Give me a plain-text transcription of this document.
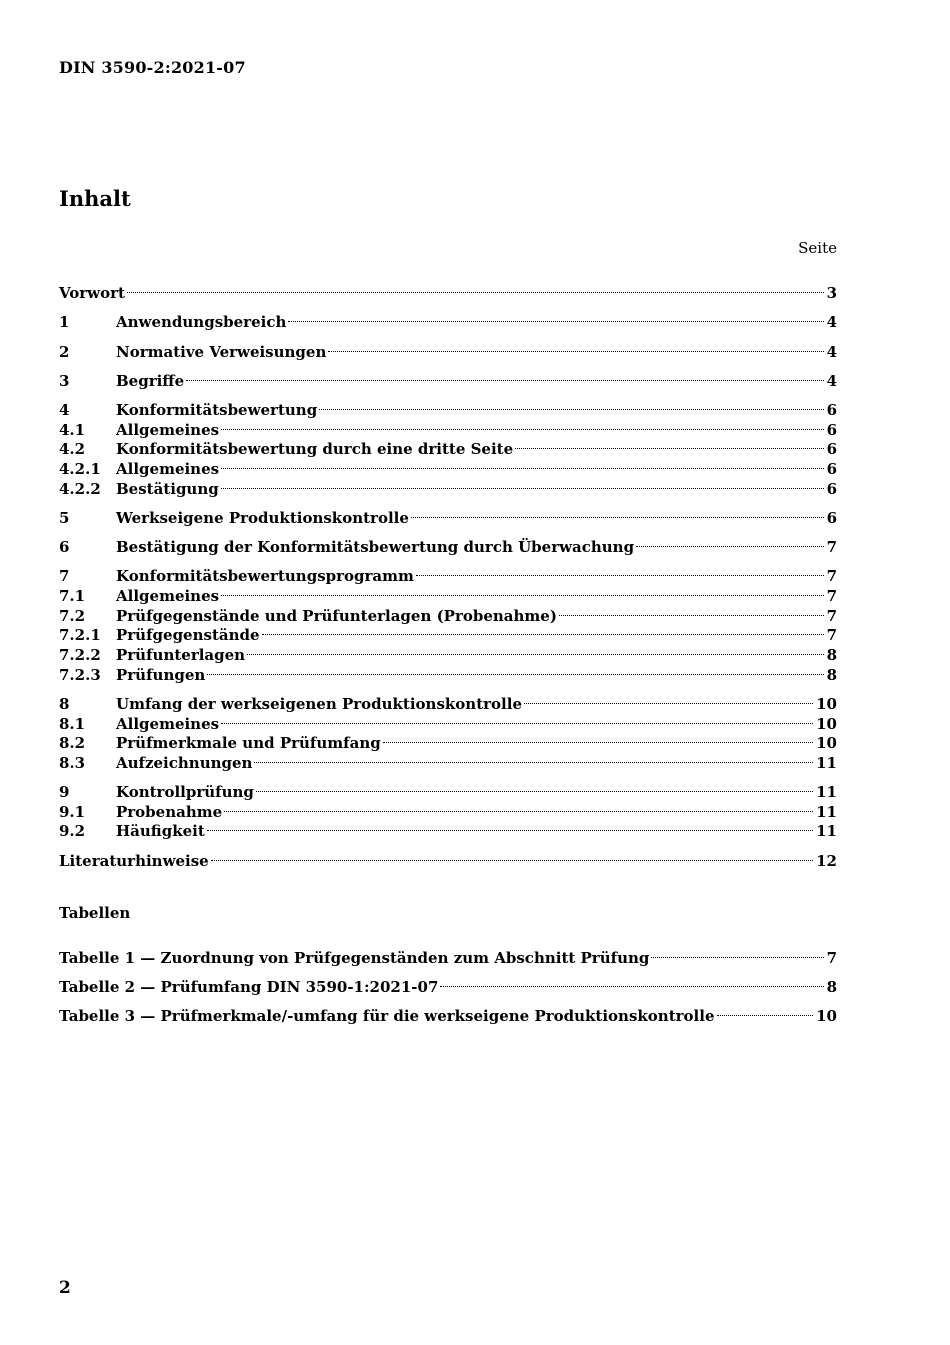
DIN 3590-2:2021-07
Inhalt
Seite
Vorwort	3
1	Anwendungsbereich	4
2	Normative Verweisungen	4
3	Begriffe	4
4	Konformitätsbewertung	6
4.1	Allgemeines	6
4.2	Konformitätsbewertung durch eine dritte Seite	6
4.2.1	Allgemeines	6
4.2.2	Bestätigung	6
5	Werkseigene Produktionskontrolle	6
6	Bestätigung der Konformitätsbewertung durch Überwachung	7
7	Konformitätsbewertungsprogramm	7
7.1	Allgemeines	7
7.2	Prüfgegenstände und Prüfunterlagen (Probenahme)	7
7.2.1	Prüfgegenstände	7
7.2.2	Prüfunterlagen	8
7.2.3	Prüfungen	8
8	Umfang der werkseigenen Produktionskontrolle	10
8.1	Allgemeines	10
8.2	Prüfmerkmale und Prüfumfang	10
8.3	Aufzeichnungen	11
9	Kontrollprüfung	11
9.1	Probenahme	11
9.2	Häufigkeit	11
Literaturhinweise	12
Tabellen
Tabelle 1 — Zuordnung von Prüfgegenständen zum Abschnitt Prüfung	7
Tabelle 2 — Prüfumfang DIN 3590-1:2021-07	8
Tabelle 3 — Prüfmerkmale/-umfang für die werkseigene Produktionskontrolle	10
2
